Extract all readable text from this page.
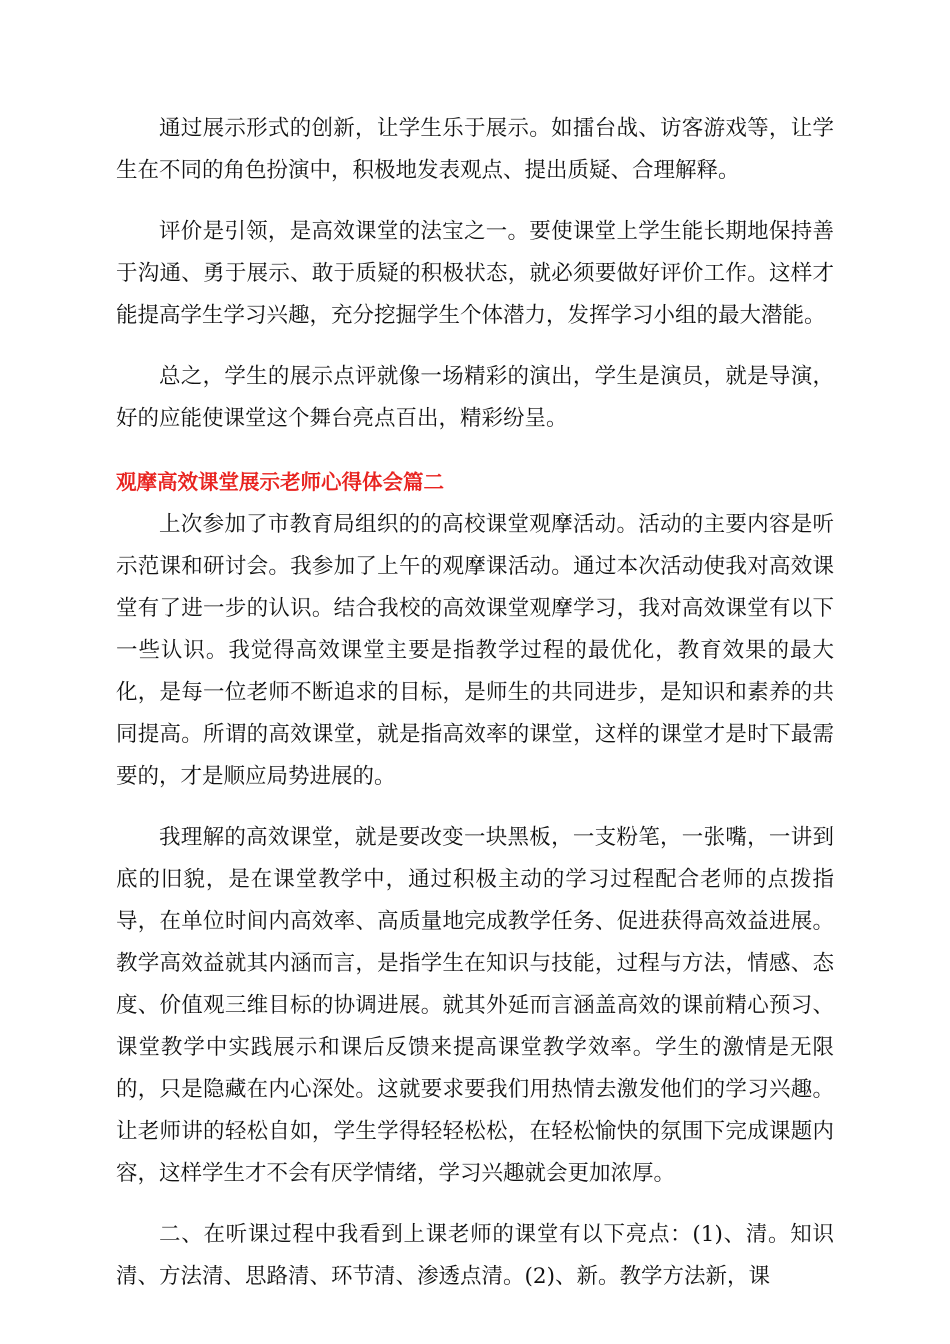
通过展示形式的创新，让学生乐于展示。如擂台战、访客游戏等，让学生在不同的角色扮演中，积极地发表观点、提出质疑、合理解释。

评价是引领，是高效课堂的法宝之一。要使课堂上学生能长期地保持善于沟通、勇于展示、敢于质疑的积极状态，就必须要做好评价工作。这样才能提高学生学习兴趣，充分挖掘学生个体潜力，发挥学习小组的最大潜能。

总之，学生的展示点评就像一场精彩的演出，学生是演员，就是导演，好的应能使课堂这个舞台亮点百出，精彩纷呈。

观摩高效课堂展示老师心得体会篇二

上次参加了市教育局组织的的高校课堂观摩活动。活动的主要内容是听示范课和研讨会。我参加了上午的观摩课活动。通过本次活动使我对高效课堂有了进一步的认识。结合我校的高效课堂观摩学习，我对高效课堂有以下一些认识。我觉得高效课堂主要是指教学过程的最优化，教育效果的最大化，是每一位老师不断追求的目标，是师生的共同进步，是知识和素养的共同提高。所谓的高效课堂，就是指高效率的课堂，这样的课堂才是时下最需要的，才是顺应局势进展的。

我理解的高效课堂，就是要改变一块黑板，一支粉笔，一张嘴，一讲到底的旧貌，是在课堂教学中，通过积极主动的学习过程配合老师的点拨指导，在单位时间内高效率、高质量地完成教学任务、促进获得高效益进展。教学高效益就其内涵而言，是指学生在知识与技能，过程与方法，情感、态度、价值观三维目标的协调进展。就其外延而言涵盖高效的课前精心预习、课堂教学中实践展示和课后反馈来提高课堂教学效率。学生的激情是无限的，只是隐藏在内心深处。这就要求要我们用热情去激发他们的学习兴趣。让老师讲的轻松自如，学生学得轻轻松松，在轻松愉快的氛围下完成课题内容，这样学生才不会有厌学情绪，学习兴趣就会更加浓厚。

二、在听课过程中我看到上课老师的课堂有以下亮点：(1)、清。知识清、方法清、思路清、环节清、渗透点清。(2)、新。教学方法新，课
